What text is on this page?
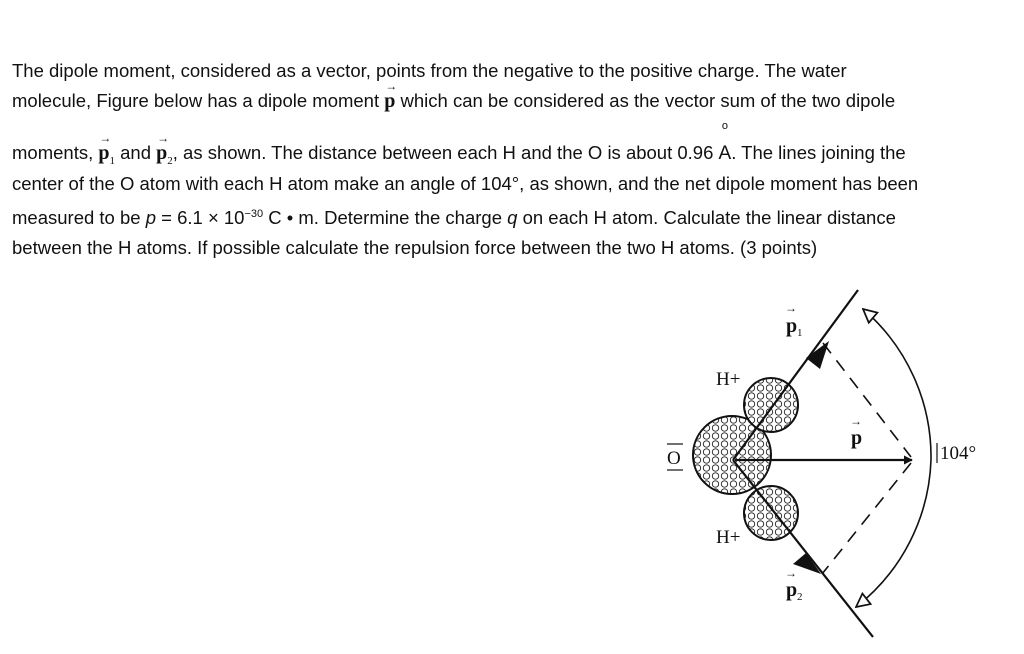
The dipole moment, considered as a vector, points from the negative to the positive charge. The water
molecule, Figure below has a dipole moment
→
p which can be considered as the vector sum of the two dipole
moments,
→
$p_1$ and
→
$p_2$, as shown. The distance between each H and the O is about 0.96
o
A. The lines joining the
center of the O atom with each H atom make an angle of 104°, as shown, and the net dipole moment has been
measured to be $p = 6.1 \times 10^{-30}$ C • m. Determine the charge q on each H atom. Calculate the linear distance
between the H atoms. If possible calculate the repulsion force between the two H atoms. (3 points)
O
H+
H+
→
p 1
→
p
→
p 2
104°
